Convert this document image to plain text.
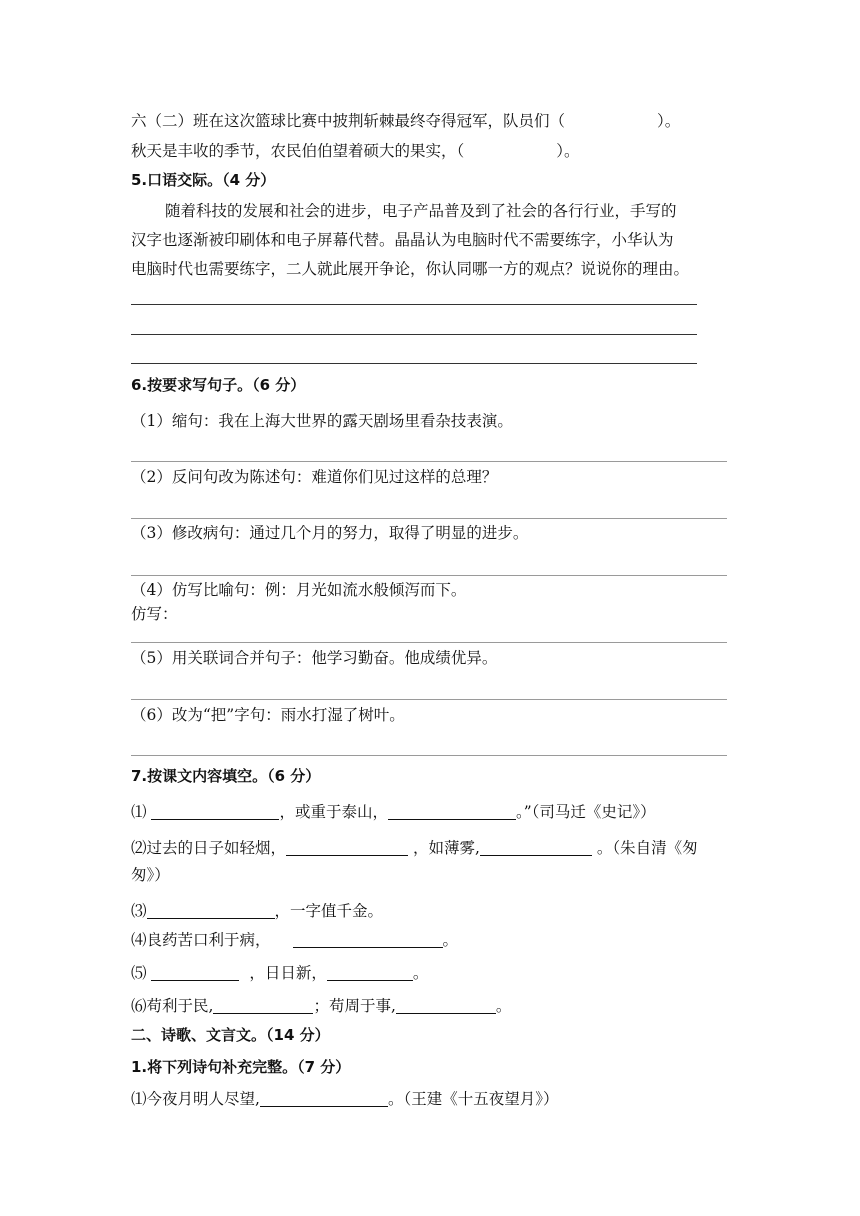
六（二）班在这次篮球比赛中披荆斩棘最终夺得冠军，队员们（	）。
秋天是丰收的季节，农民伯伯望着硕大的果实，（	）。
5.口语交际。（4 分）
随着科技的发展和社会的进步，电子产品普及到了社会的各行行业，手写的
汉字也逐渐被印刷体和电子屏幕代替。晶晶认为电脑时代不需要练字，小华认为
电脑时代也需要练字，二人就此展开争论，你认同哪一方的观点？说说你的理由。
6.按要求写句子。（6 分）
（1）缩句：我在上海大世界的露天剧场里看杂技表演。
（2）反问句改为陈述句：难道你们见过这样的总理？
（3）修改病句：通过几个月的努力，取得了明显的进步。
（4）仿写比喻句：例：月光如流水般倾泻而下。
仿写：
（5）用关联词合并句子：他学习勤奋。他成绩优异。
（6）改为“把”字句：雨水打湿了树叶。
7.按课文内容填空。（6 分）
⑴	，或重于泰山，	。”（司马迁《史记》）
⑵过去的日子如轻烟，	，如薄雾,	。（朱自清《匆
匆》）
⑶	，一字值千金。
⑷良药苦口利于病，	。
⑸	，日日新，	。
⑹苟利于民,	；苟周于事,	。
二、诗歌、文言文。（14 分）
1.将下列诗句补充完整。（7 分）
⑴今夜月明人尽望,	。（王建《十五夜望月》）
